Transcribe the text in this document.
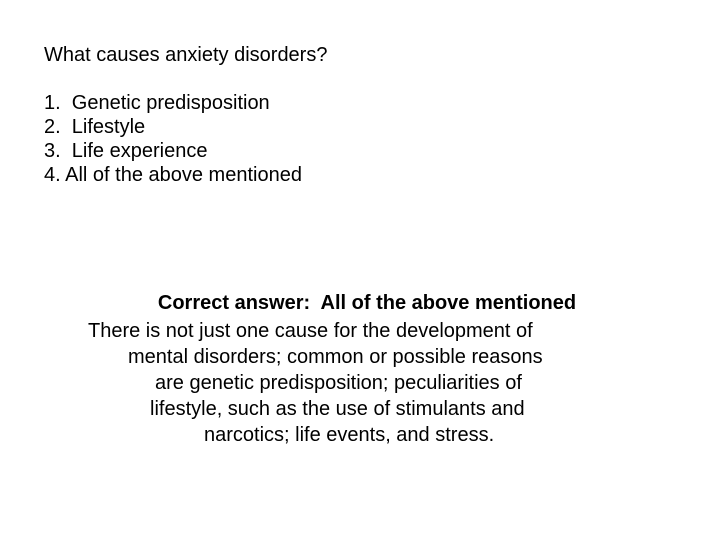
What causes anxiety disorders?

1.  Genetic predisposition
2.  Lifestyle
3.  Life experience
4. All of the above mentioned

Correct answer:  All of the above mentioned

There is not just one cause for the development of
mental disorders; common or possible reasons
are genetic predisposition; peculiarities of
lifestyle, such as the use of stimulants and
narcotics; life events, and stress.
